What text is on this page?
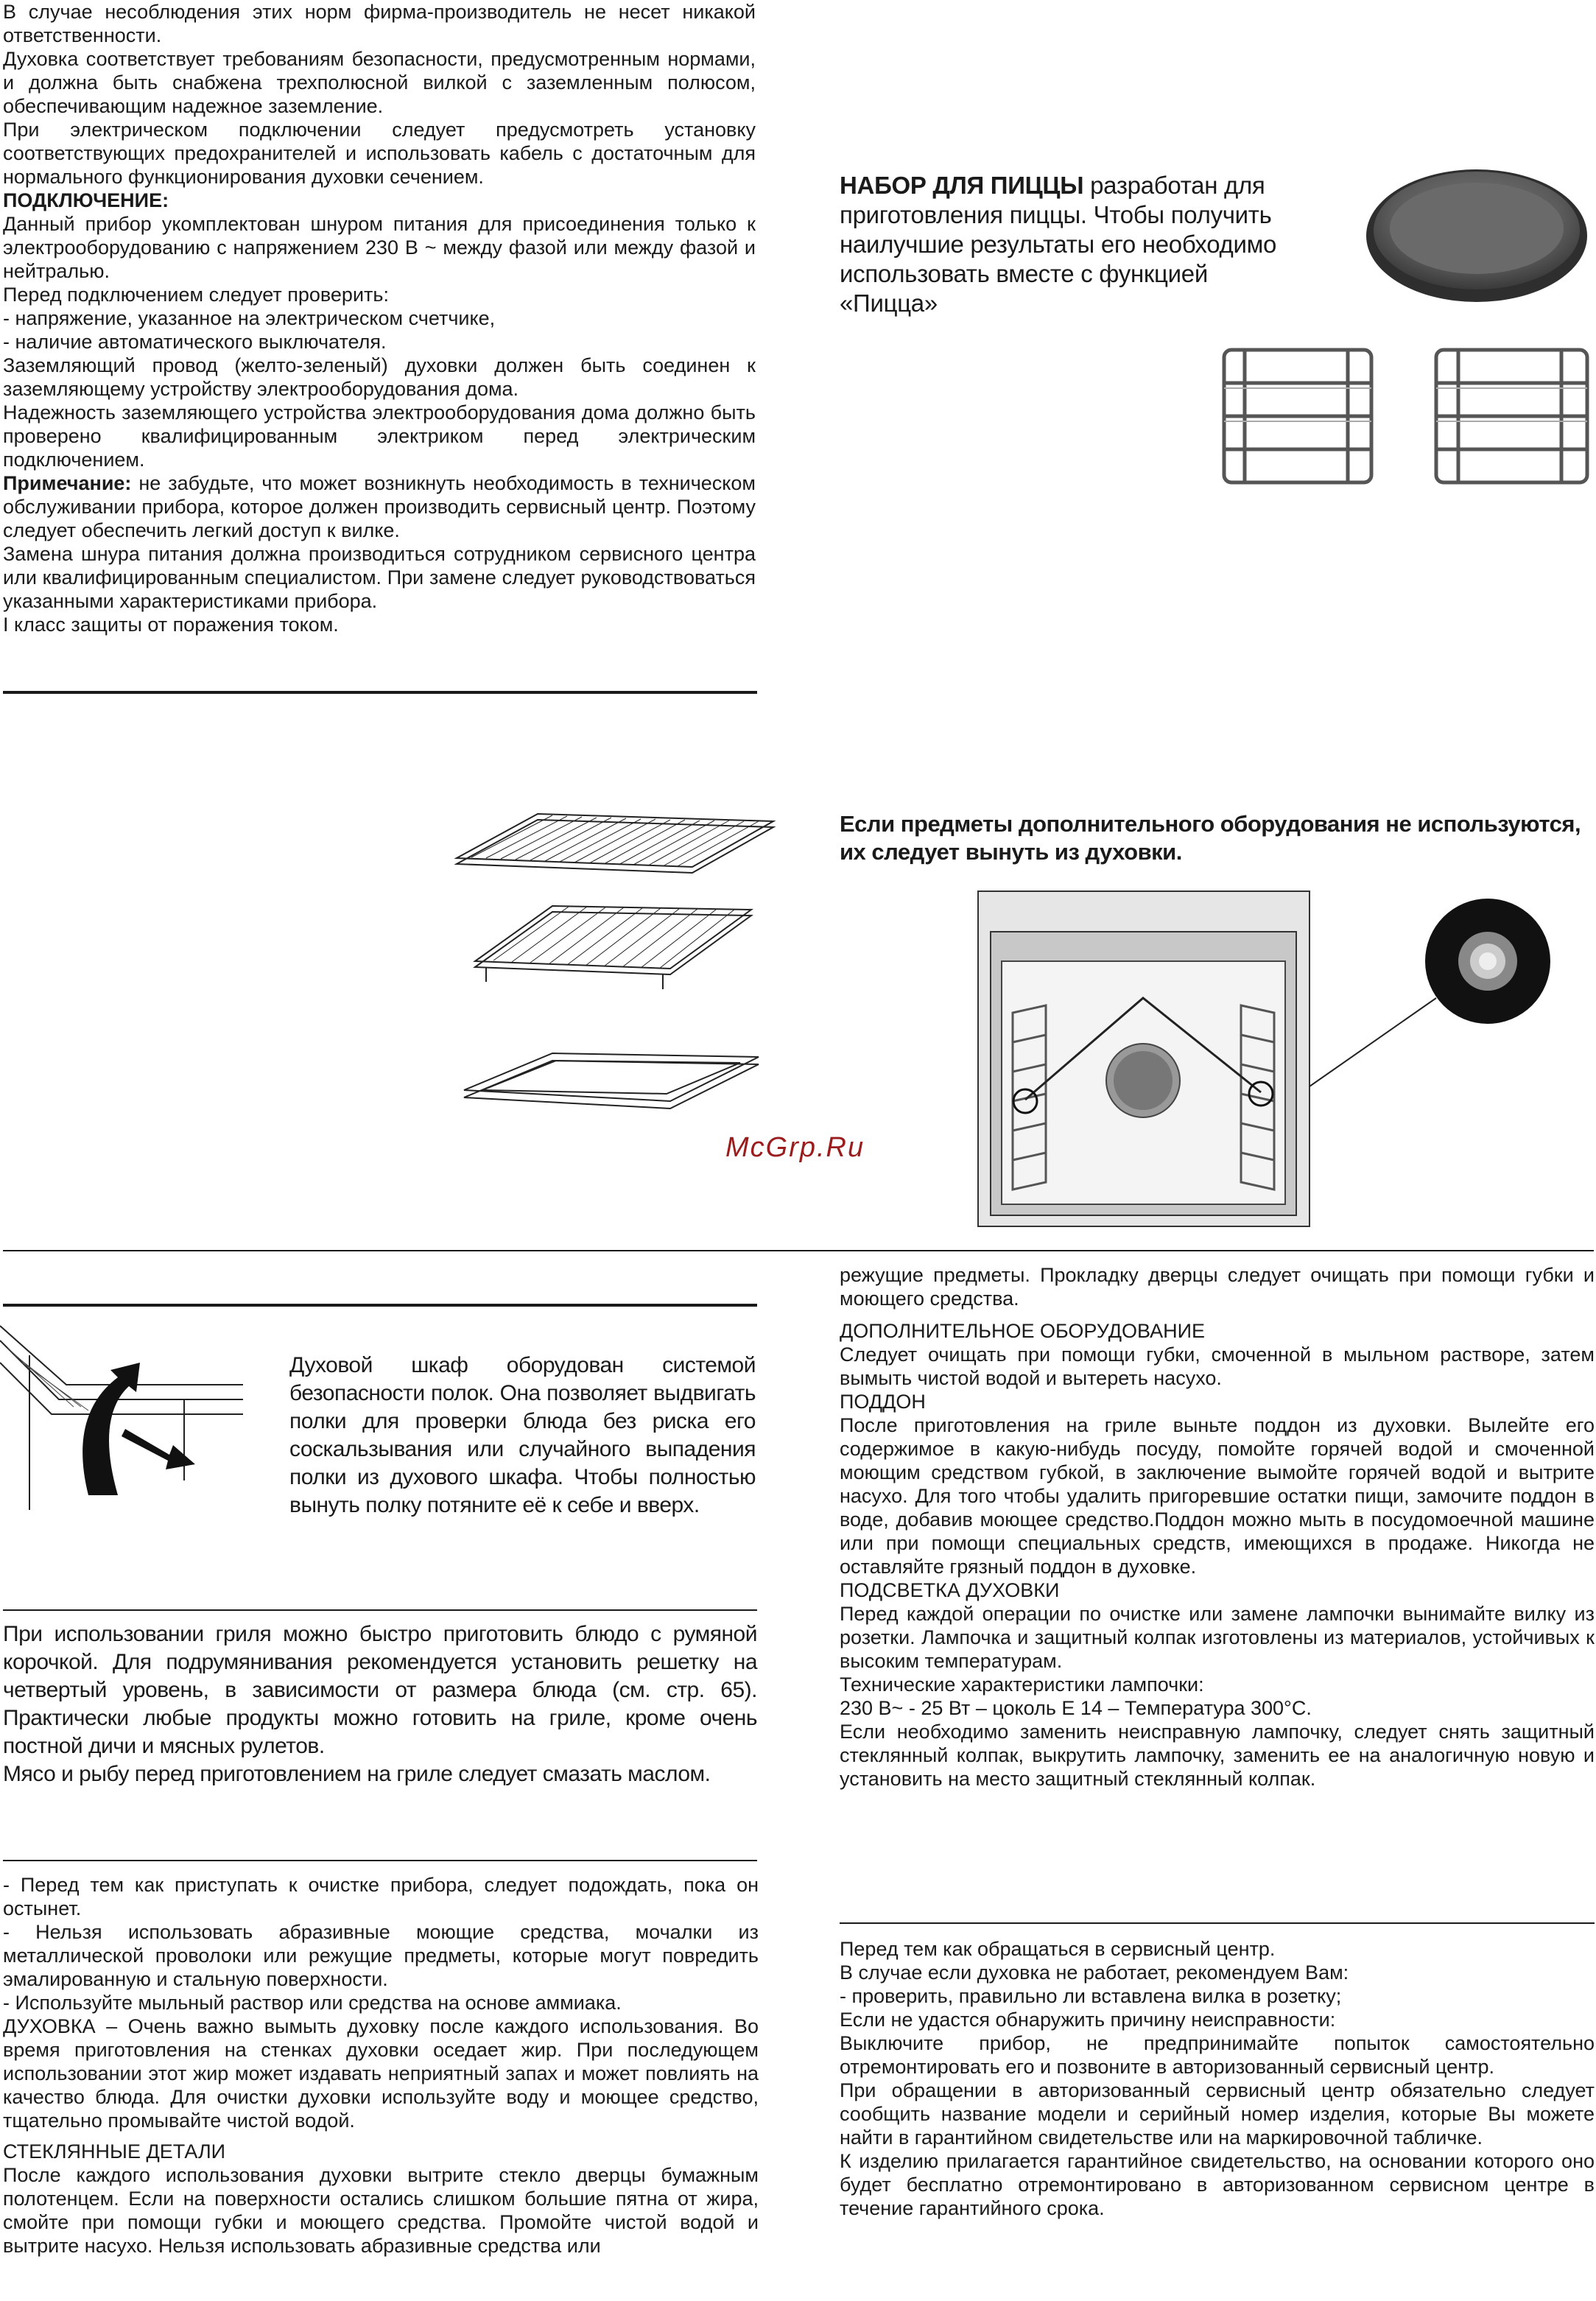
В случае несоблюдения этих норм фирма-производитель не несет никакой ответственности.

Духовка соответствует требованиям безопасности, предусмотренным нормами, и должна быть снабжена трехполюсной вилкой с заземленным полюсом, обеспечивающим надежное заземление.

При электрическом подключении следует предусмотреть установку соответствующих предохранителей и использовать кабель с достаточным для нормального функционирования духовки сечением.

ПОДКЛЮЧЕНИЕ:

Данный прибор укомплектован шнуром питания для присоединения только к электрооборудованию с напряжением 230 В ~ между фазой или между фазой и нейтралью.

Перед подключением следует проверить:

- напряжение, указанное на электрическом счетчике,

- наличие автоматического выключателя.

Заземляющий провод (желто-зеленый) духовки должен быть соединен к заземляющему устройству электрооборудования дома.

Надежность заземляющего устройства электрооборудования дома должно быть проверено квалифицированным электриком перед электрическим подключением.

Примечание: не забудьте, что может возникнуть необходимость в техническом обслуживании прибора, которое должен производить сервисный центр. Поэтому следует обеспечить легкий доступ к вилке.

Замена шнура питания должна производиться сотрудником сервисного центра или квалифицированным специалистом. При замене следует руководствоваться указанными характеристиками прибора.

I класс защиты от поражения током.

НАБОР ДЛЯ ПИЦЦЫ разработан для приготовления пиццы. Чтобы получить наилучшие результаты его необходимо использовать вместе с функцией «Пицца»
Если предметы дополнительного оборудования не используются, их следует вынуть из духовки.
McGrp.Ru

Духовой шкаф оборудован системой безопасности полок. Она позволяет выдвигать полки для проверки блюда без риска его соскальзывания или случайного выпадения полки из духового шкафа. Чтобы полностью вынуть полку потяните её к себе и вверх.

При использовании гриля можно быстро приготовить блюдо с румяной корочкой. Для подрумянивания рекомендуется установить решетку на четвертый уровень, в зависимости от размера блюда (см. стр. 65). Практически любые продукты можно готовить на гриле, кроме очень постной дичи и мясных рулетов.

Мясо и рыбу перед приготовлением на гриле следует смазать маслом.

- Перед тем как приступать к очистке прибора, следует подождать, пока он остынет.

- Нельзя использовать абразивные моющие средства, мочалки из металлической проволоки или режущие предметы, которые могут повредить эмалированную и стальную поверхности.

- Используйте мыльный раствор или средства на основе аммиака.

ДУХОВКА – Очень важно вымыть духовку после каждого использования. Во время приготовления на стенках духовки оседает жир. При последующем использовании этот жир может издавать неприятный запах и может повлиять на качество блюда. Для очистки духовки используйте воду и моющее средство, тщательно промывайте чистой водой.

СТЕКЛЯННЫЕ ДЕТАЛИ

После каждого использования духовки вытрите стекло дверцы бумажным полотенцем. Если на поверхности остались слишком большие пятна от жира, смойте при помощи губки и моющего средства. Промойте чистой водой и вытрите насухо. Нельзя использовать абразивные средства или

режущие предметы. Прокладку дверцы следует очищать при помощи губки и моющего средства.

ДОПОЛНИТЕЛЬНОЕ ОБОРУДОВАНИЕ

Следует очищать при помощи губки, смоченной в мыльном растворе, затем вымыть чистой водой и вытереть насухо.

ПОДДОН

После приготовления на гриле выньте поддон из духовки. Вылейте его содержимое в какую-нибудь посуду, помойте горячей водой и смоченной моющим средством губкой, в заключение вымойте горячей водой и вытрите насухо. Для того чтобы удалить пригоревшие остатки пищи, замочите поддон в воде, добавив моющее средство.Поддон можно мыть в посудомоечной машине или при помощи специальных средств, имеющихся в продаже. Никогда не оставляйте грязный поддон в духовке.

ПОДСВЕТКА ДУХОВКИ

Перед каждой операции по очистке или замене лампочки вынимайте вилку из розетки. Лампочка и защитный колпак изготовлены из материалов, устойчивых к высоким температурам.

Технические характеристики лампочки:

230 В~ - 25 Вт – цоколь Е 14 – Температура 300°С.

Если необходимо заменить неисправную лампочку, следует снять защитный стеклянный колпак, выкрутить лампочку, заменить ее на аналогичную новую и установить на место защитный стеклянный колпак.

Перед тем как обращаться в сервисный центр.

В случае если духовка не работает, рекомендуем Вам:

- проверить, правильно ли вставлена вилка в розетку;

Если не удастся обнаружить причину неисправности:

Выключите прибор, не предпринимайте попыток самостоятельно отремонтировать его и позвоните в авторизованный сервисный центр.

При обращении в авторизованный сервисный центр обязательно следует сообщить название модели и серийный номер изделия, которые Вы можете найти в гарантийном свидетельстве или на маркировочной табличке.

К изделию прилагается гарантийное свидетельство, на основании которого оно будет бесплатно отремонтировано в авторизованном сервисном центре в течение гарантийного срока.
